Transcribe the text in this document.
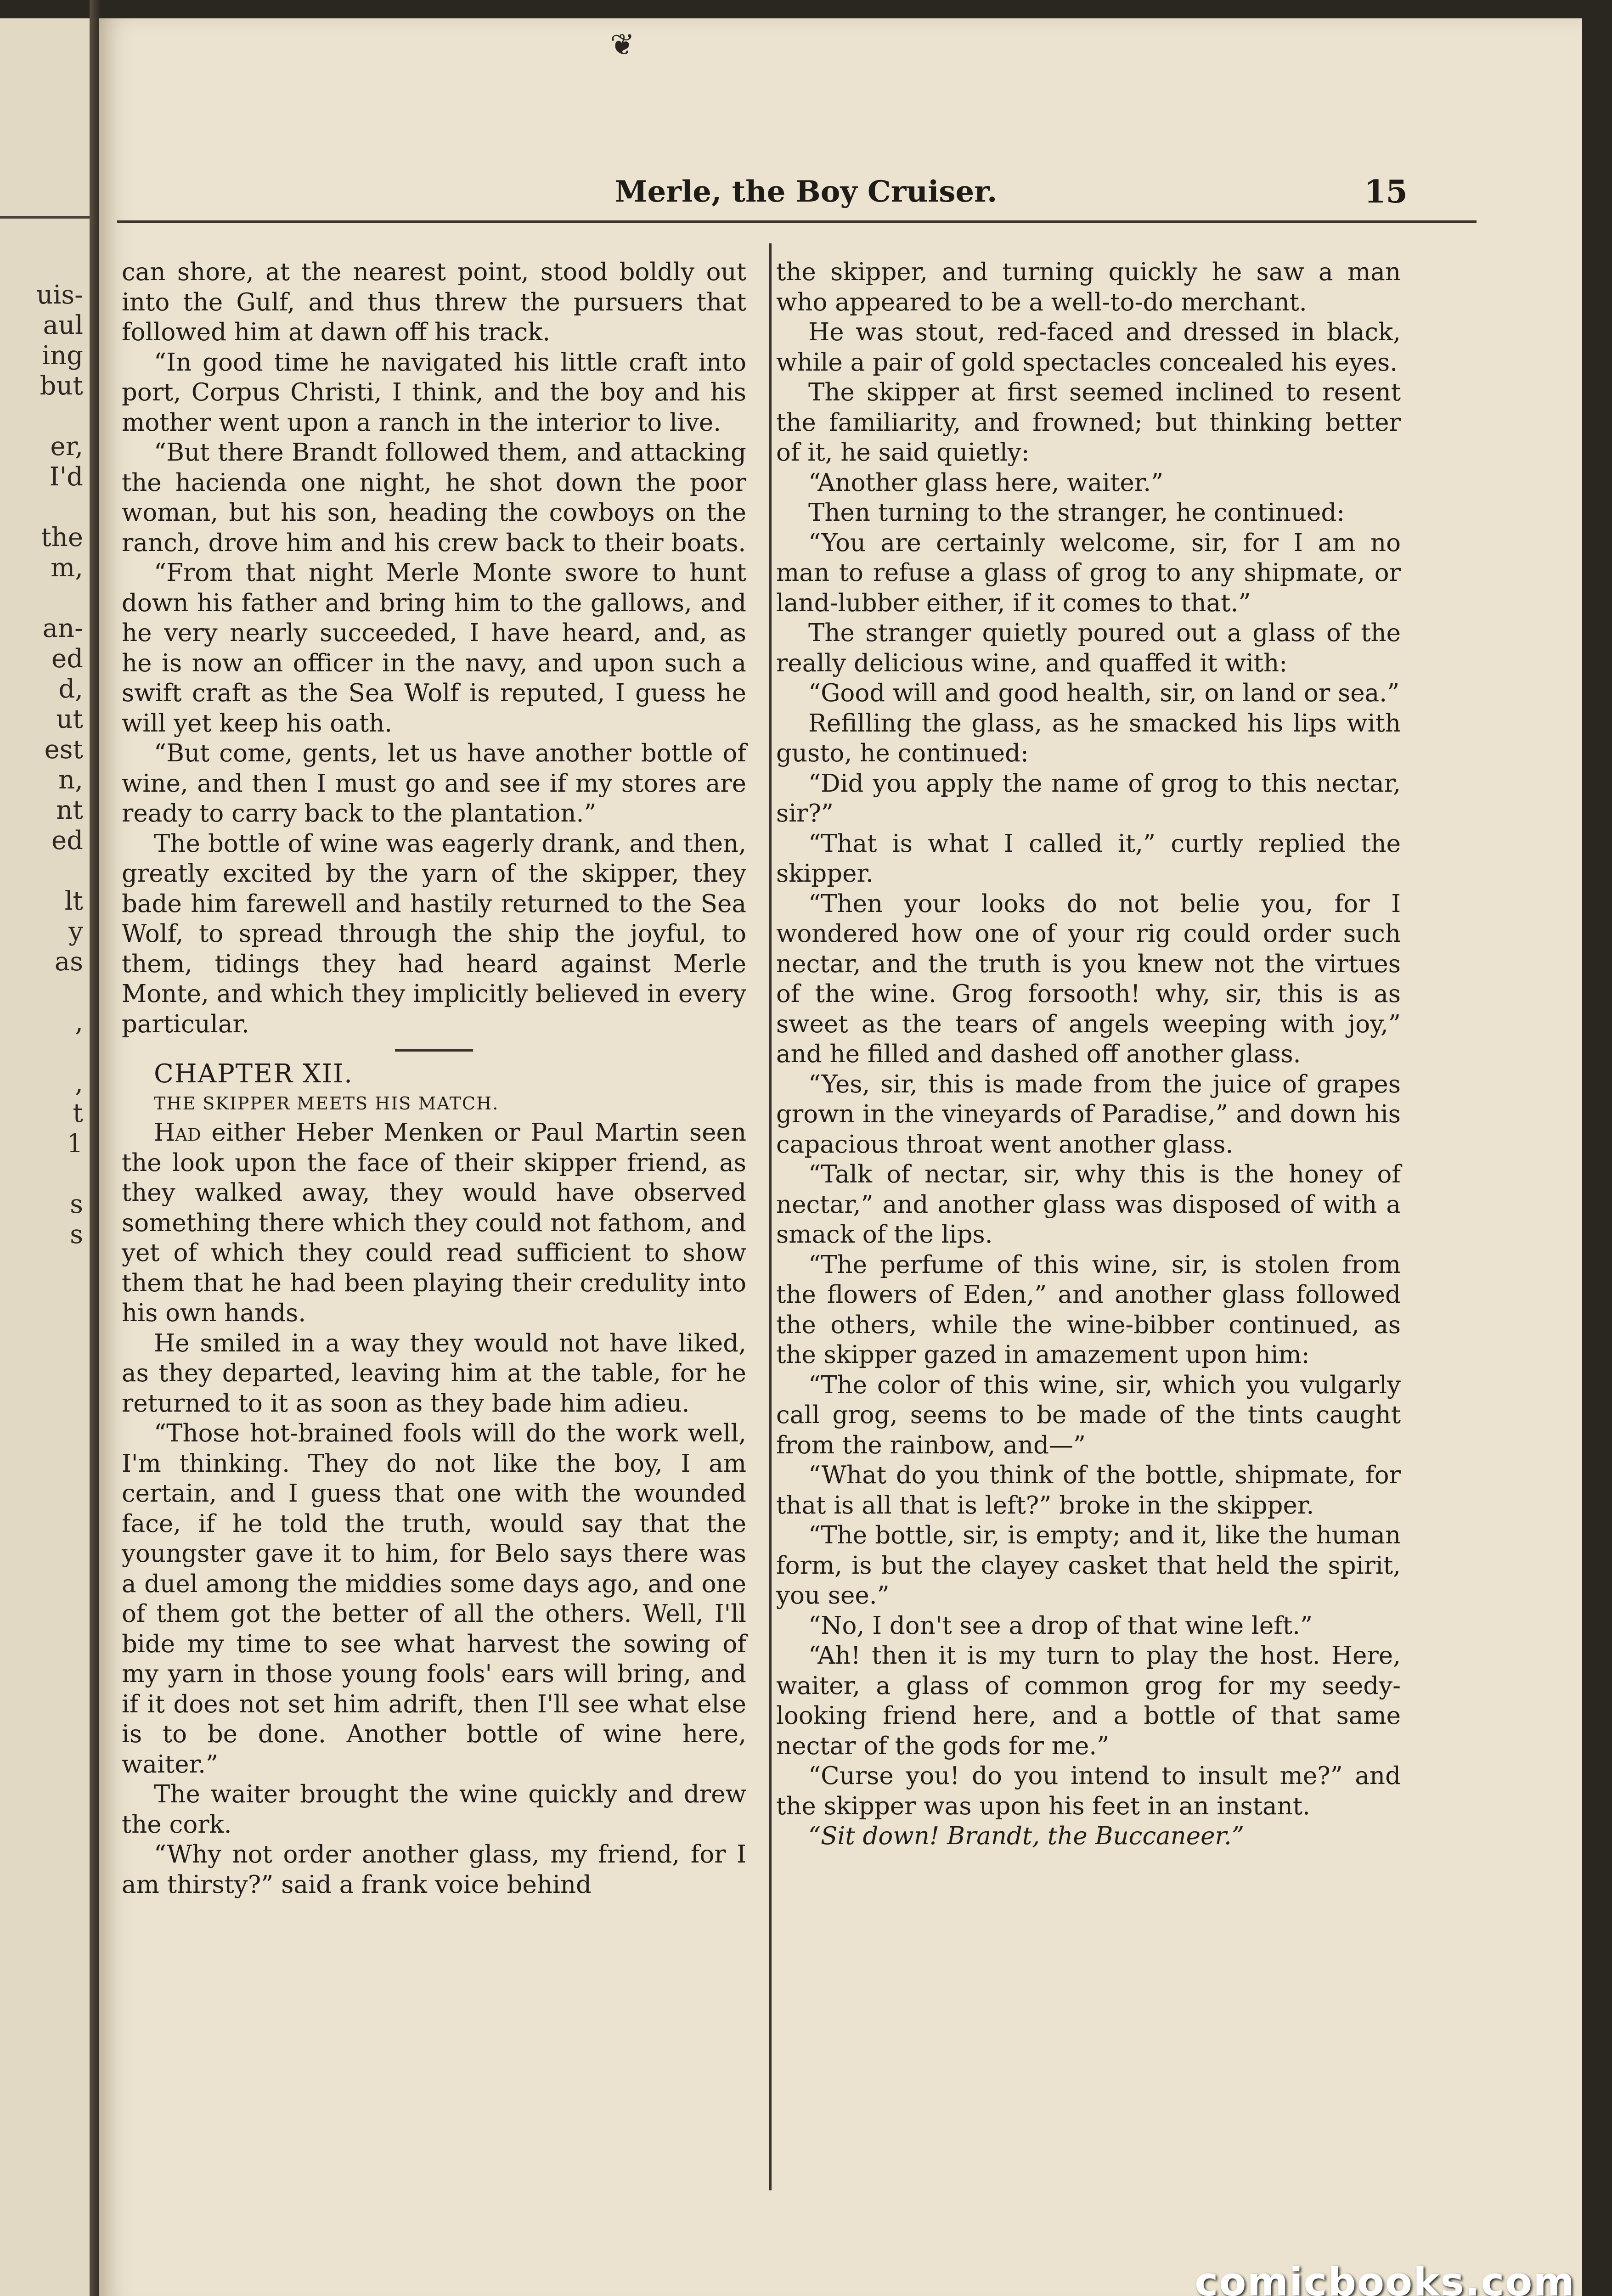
uis-
aul
ing
but
er,
I'd
the
m,
an-
ed
d,
ut
est
n,
nt
ed
lt
y
as
,
,
t
1
s
s
❦
Merle, the Boy Cruiser.	15

can shore, at the nearest point, stood boldly out into the Gulf, and thus threw the pursuers that followed him at dawn off his track.

“In good time he navigated his little craft into port, Corpus Christi, I think, and the boy and his mother went upon a ranch in the interior to live.

“But there Brandt followed them, and attacking the hacienda one night, he shot down the poor woman, but his son, heading the cowboys on the ranch, drove him and his crew back to their boats.

“From that night Merle Monte swore to hunt down his father and bring him to the gallows, and he very nearly succeeded, I have heard, and, as he is now an officer in the navy, and upon such a swift craft as the Sea Wolf is reputed, I guess he will yet keep his oath.

“But come, gents, let us have another bottle of wine, and then I must go and see if my stores are ready to carry back to the plantation.”

The bottle of wine was eagerly drank, and then, greatly excited by the yarn of the skipper, they bade him farewell and hastily returned to the Sea Wolf, to spread through the ship the joyful, to them, tidings they had heard against Merle Monte, and which they implicitly believed in every particular.

CHAPTER XII.

THE SKIPPER MEETS HIS MATCH.

Had either Heber Menken or Paul Martin seen the look upon the face of their skipper friend, as they walked away, they would have observed something there which they could not fathom, and yet of which they could read sufficient to show them that he had been playing their credulity into his own hands.

He smiled in a way they would not have liked, as they departed, leaving him at the table, for he returned to it as soon as they bade him adieu.

“Those hot-brained fools will do the work well, I'm thinking. They do not like the boy, I am certain, and I guess that one with the wounded face, if he told the truth, would say that the youngster gave it to him, for Belo says there was a duel among the middies some days ago, and one of them got the better of all the others. Well, I'll bide my time to see what harvest the sowing of my yarn in those young fools' ears will bring, and if it does not set him adrift, then I'll see what else is to be done. Another bottle of wine here, waiter.”

The waiter brought the wine quickly and drew the cork.

“Why not order another glass, my friend, for I am thirsty?” said a frank voice behind

the skipper, and turning quickly he saw a man who appeared to be a well-to-do merchant.

He was stout, red-faced and dressed in black, while a pair of gold spectacles concealed his eyes.

The skipper at first seemed inclined to resent the familiarity, and frowned; but thinking better of it, he said quietly:

“Another glass here, waiter.”

Then turning to the stranger, he continued:

“You are certainly welcome, sir, for I am no man to refuse a glass of grog to any shipmate, or land-lubber either, if it comes to that.”

The stranger quietly poured out a glass of the really delicious wine, and quaffed it with:

“Good will and good health, sir, on land or sea.”

Refilling the glass, as he smacked his lips with gusto, he continued:

“Did you apply the name of grog to this nectar, sir?”

“That is what I called it,” curtly replied the skipper.

“Then your looks do not belie you, for I wondered how one of your rig could order such nectar, and the truth is you knew not the virtues of the wine. Grog forsooth! why, sir, this is as sweet as the tears of angels weeping with joy,” and he filled and dashed off another glass.

“Yes, sir, this is made from the juice of grapes grown in the vineyards of Paradise,” and down his capacious throat went another glass.

“Talk of nectar, sir, why this is the honey of nectar,” and another glass was disposed of with a smack of the lips.

“The perfume of this wine, sir, is stolen from the flowers of Eden,” and another glass followed the others, while the wine-bibber continued, as the skipper gazed in amazement upon him:

“The color of this wine, sir, which you vulgarly call grog, seems to be made of the tints caught from the rainbow, and—”

“What do you think of the bottle, shipmate, for that is all that is left?” broke in the skipper.

“The bottle, sir, is empty; and it, like the human form, is but the clayey casket that held the spirit, you see.”

“No, I don't see a drop of that wine left.”

“Ah! then it is my turn to play the host. Here, waiter, a glass of common grog for my seedy-looking friend here, and a bottle of that same nectar of the gods for me.”

“Curse you! do you intend to insult me?” and the skipper was upon his feet in an instant.

“Sit down! Brandt, the Buccaneer.”

comicbooks.com
